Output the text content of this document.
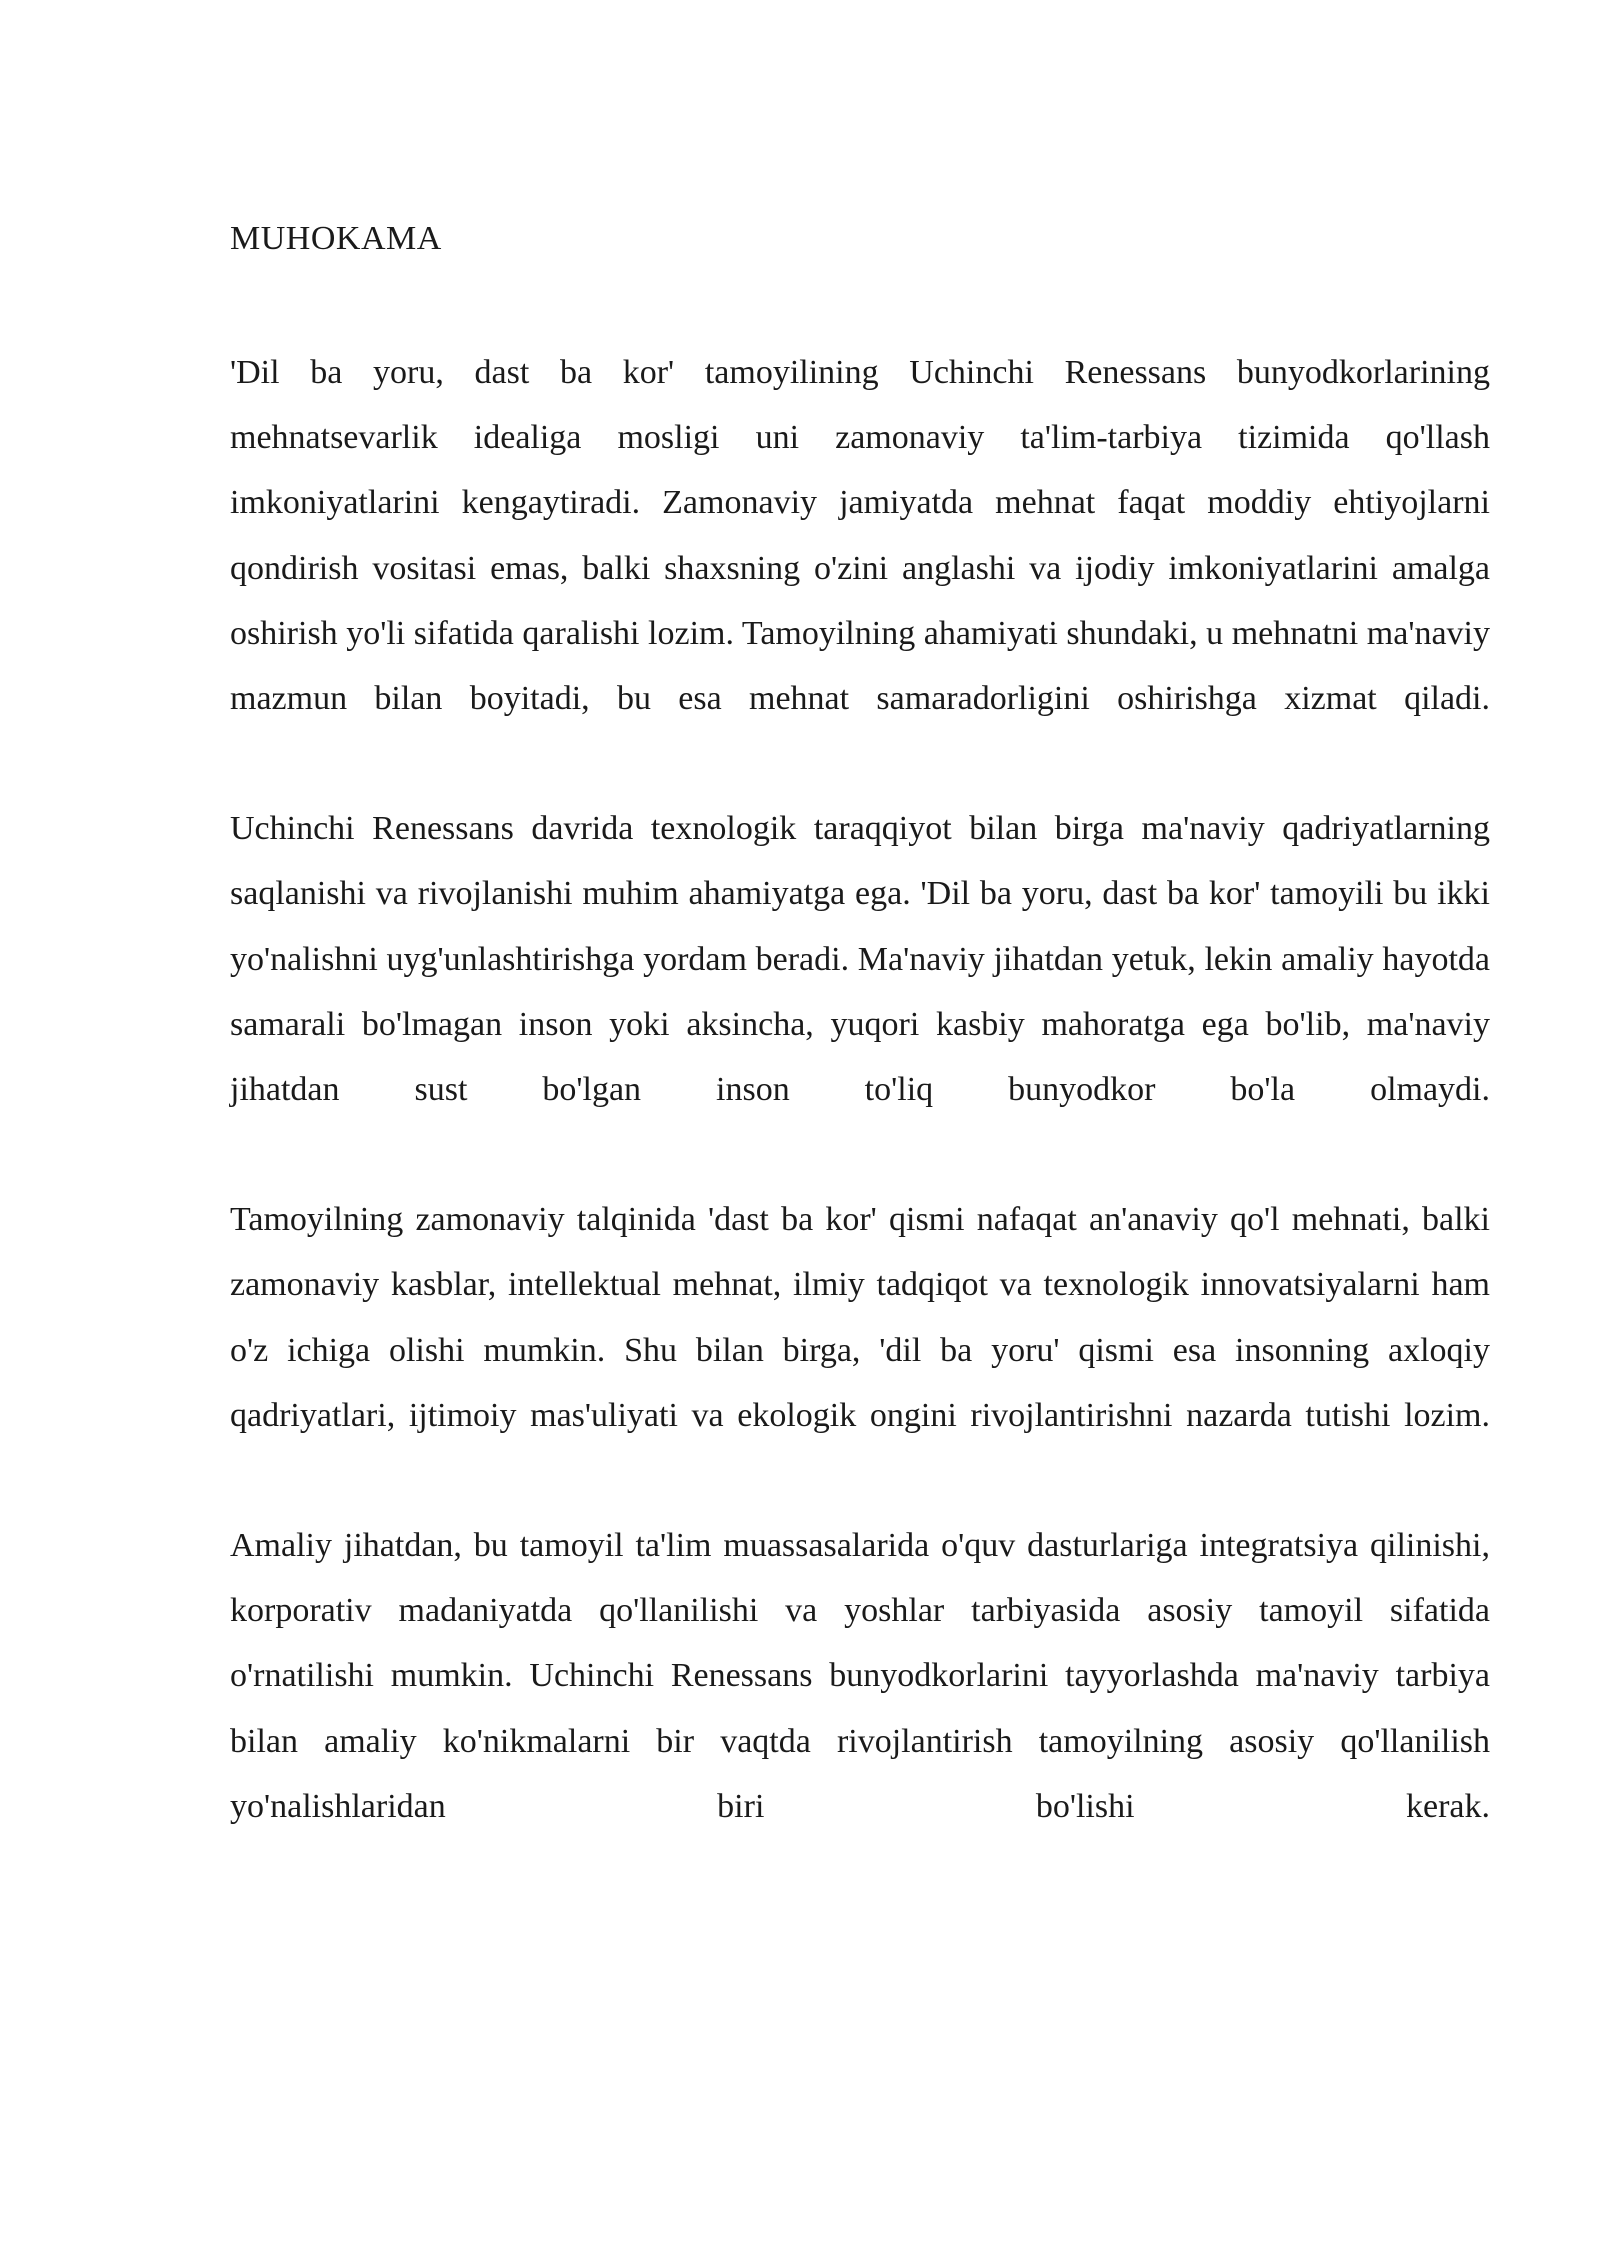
MUHOKAMA

'Dil ba yoru, dast ba kor' tamoyilining Uchinchi Renessans bunyodkorlarining mehnatsevarlik idealiga mosligi uni zamonaviy ta'lim-tarbiya tizimida qo'llash imkoniyatlarini kengaytiradi. Zamonaviy jamiyatda mehnat faqat moddiy ehtiyojlarni qondirish vositasi emas, balki shaxsning o'zini anglashi va ijodiy imkoniyatlarini amalga oshirish yo'li sifatida qaralishi lozim. Tamoyilning ahamiyati shundaki, u mehnatni ma'naviy mazmun bilan boyitadi, bu esa mehnat samaradorligini oshirishga xizmat qiladi.

Uchinchi Renessans davrida texnologik taraqqiyot bilan birga ma'naviy qadriyatlarning saqlanishi va rivojlanishi muhim ahamiyatga ega. 'Dil ba yoru, dast ba kor' tamoyili bu ikki yo'nalishni uyg'unlashtirishga yordam beradi. Ma'naviy jihatdan yetuk, lekin amaliy hayotda samarali bo'lmagan inson yoki aksincha, yuqori kasbiy mahoratga ega bo'lib, ma'naviy jihatdan sust bo'lgan inson to'liq bunyodkor bo'la olmaydi.

Tamoyilning zamonaviy talqinida 'dast ba kor' qismi nafaqat an'anaviy qo'l mehnati, balki zamonaviy kasblar, intellektual mehnat, ilmiy tadqiqot va texnologik innovatsiyalarni ham o'z ichiga olishi mumkin. Shu bilan birga, 'dil ba yoru' qismi esa insonning axloqiy qadriyatlari, ijtimoiy mas'uliyati va ekologik ongini rivojlantirishni nazarda tutishi lozim.

Amaliy jihatdan, bu tamoyil ta'lim muassasalarida o'quv dasturlariga integratsiya qilinishi, korporativ madaniyatda qo'llanilishi va yoshlar tarbiyasida asosiy tamoyil sifatida o'rnatilishi mumkin. Uchinchi Renessans bunyodkorlarini tayyorlashda ma'naviy tarbiya bilan amaliy ko'nikmalarni bir vaqtda rivojlantirish tamoyilning asosiy qo'llanilish yo'nalishlaridan biri bo'lishi kerak.
